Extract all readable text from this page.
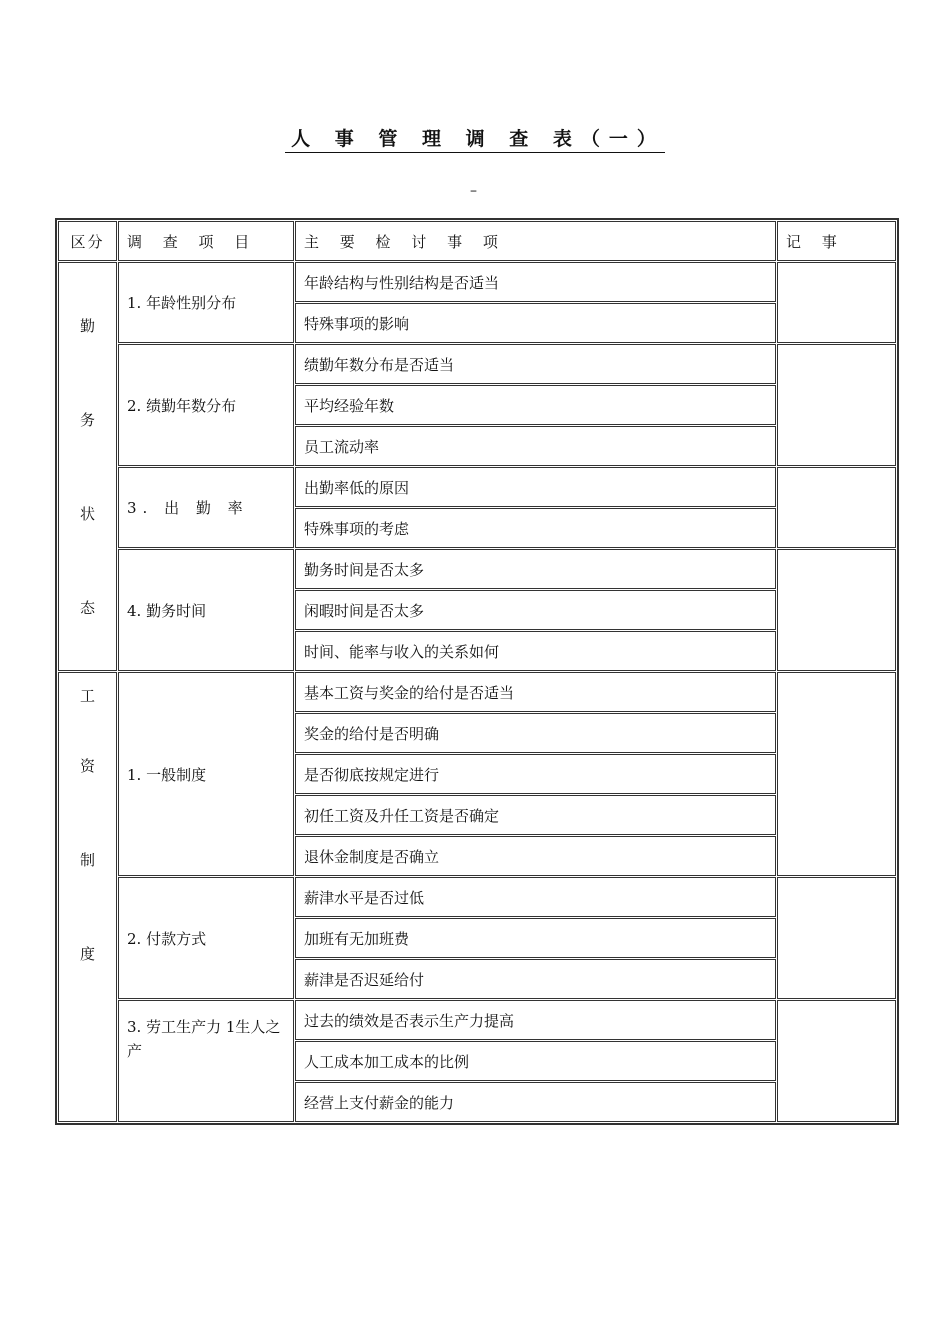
人 事 管 理 调 查 表（一）
–
区分	调 查 项 目	主 要 检 讨 事 项	记 事

勤
务
状
态	1. 年龄性别分布	年龄结构与性别结构是否适当	
		特殊事项的影响	
	2. 绩勤年数分布	绩勤年数分布是否适当	
		平均经验年数	
		员工流动率	
	3. 出 勤 率	出勤率低的原因	
		特殊事项的考虑	
	4. 勤务时间	勤务时间是否太多	
		闲暇时间是否太多	
		时间、能率与收入的关系如何	

工
资
制
度	1. 一般制度	基本工资与奖金的给付是否适当	
		奖金的给付是否明确	
		是否彻底按规定进行	
		初任工资及升任工资是否确定	
		退休金制度是否确立	
	2. 付款方式	薪津水平是否过低	
		加班有无加班费	
		薪津是否迟延给付	
	3. 劳工生产力 1生人之产	过去的绩效是否表示生产力提高	
		人工成本加工成本的比例	
		经营上支付薪金的能力	
